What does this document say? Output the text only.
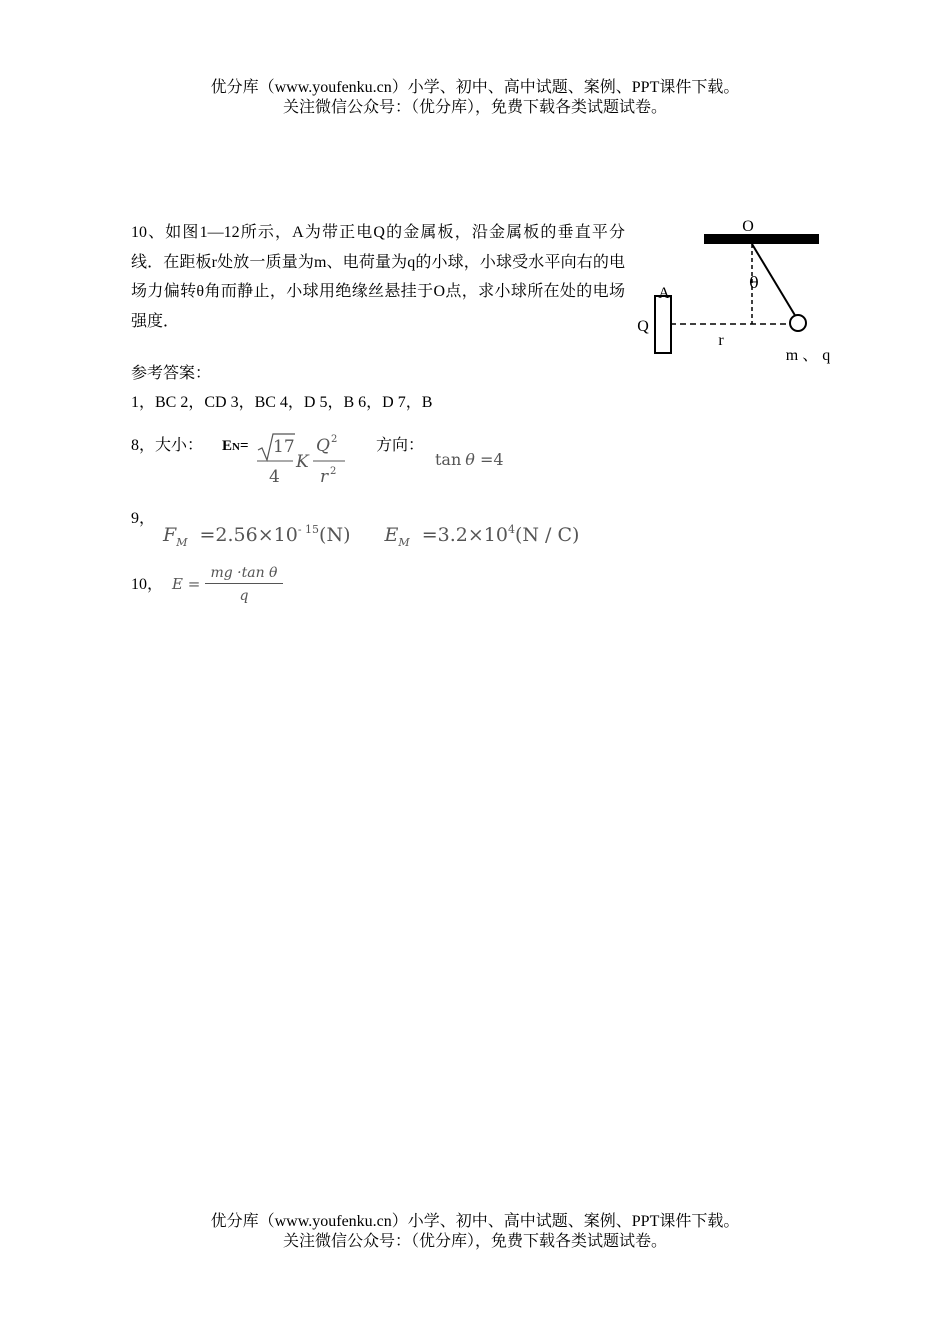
优分库（www.youfenku.cn）小学、初中、高中试题、案例、PPT课件下载。
关注微信公众号：（优分库），免费下载各类试题试卷。
10、如图1—12所示，A为带正电Q的金属板，沿金属板的垂直平分线．在距板r处放一质量为m、电荷量为q的小球，小球受水平向右的电场力偏转θ角而静止，小球用绝缘丝悬挂于O点，求小球所在处的电场强度．
O
θ
A
Q
r
m 、 q
参考答案：
1，BC 2，CD 3，BC 4，D 5，B 6，D 7，B
8，大小： EN= 17
4
K
Q 2
r 2
方向：
tan θ =4
9，
$F_M =2.56\times 10^{- 15}(N)$ $E_M =3.2\times 10^4(N / C)$
10， $E = \frac{\text{mg ·tan θ}}{q}$
优分库（www.youfenku.cn）小学、初中、高中试题、案例、PPT课件下载。
关注微信公众号：（优分库），免费下载各类试题试卷。
